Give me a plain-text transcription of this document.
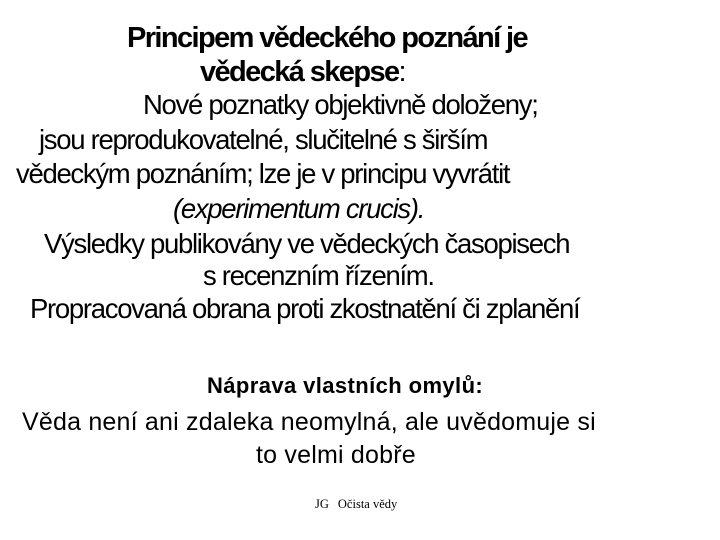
Principem vědeckého poznání je
vědecká skepse:
Nové poznatky objektivně doloženy;
jsou reprodukovatelné, slučitelné s širším
vědeckým poznáním; lze je v principu vyvrátit
(experimentum crucis).
Výsledky publikovány ve vědeckých časopisech
s recenzním řízením.
Propracovaná obrana proti zkostnatění či zplanění
Náprava vlastních omylů:
Věda není ani zdaleka neomylná, ale uvědomuje si
to velmi dobře
JG Očista vědy
